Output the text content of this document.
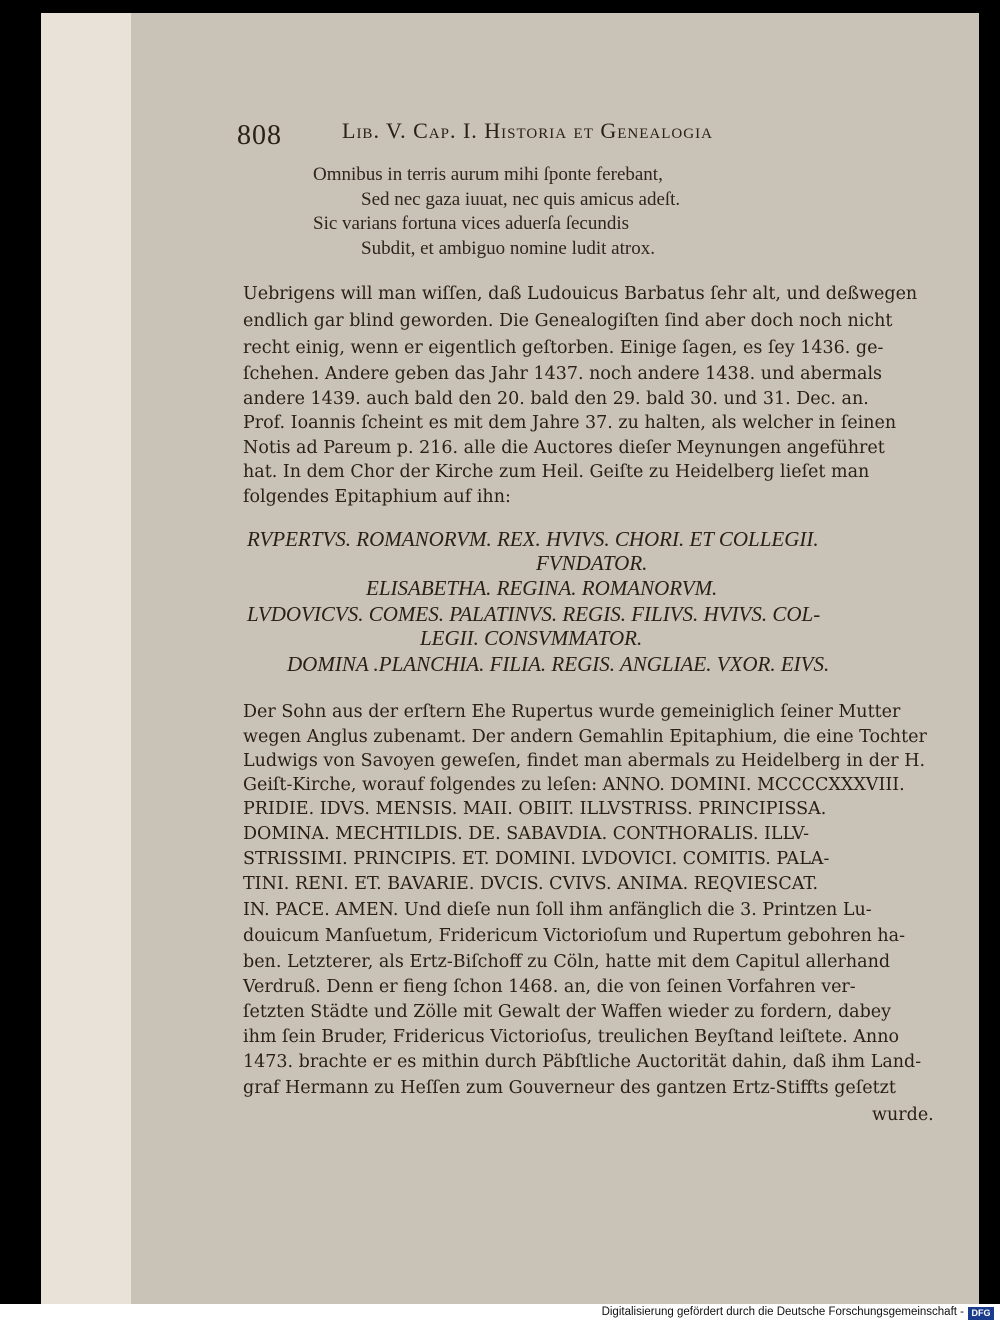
808	Lib. V. Cap. I. Historia et Genealogia
Omnibus in terris aurum mihi ſponte ferebant,
Sed nec gaza iuuat, nec quis amicus adeſt.
Sic varians fortuna vices aduerſa ſecundis
Subdit, et ambiguo nomine ludit atrox.
Uebrigens will man wiſſen, daß Ludouicus Barbatus ſehr alt, und deßwegen
endlich gar blind geworden. Die Genealogiſten ſind aber doch noch nicht
recht einig, wenn er eigentlich geſtorben. Einige ſagen, es ſey 1436. ge-
ſchehen. Andere geben das Jahr 1437. noch andere 1438. und abermals
andere 1439. auch bald den 20. bald den 29. bald 30. und 31. Dec. an.
Prof. Ioannis ſcheint es mit dem Jahre 37. zu halten, als welcher in ſeinen
Notis ad Pareum p. 216. alle die Auctores dieſer Meynungen angeführet
hat. In dem Chor der Kirche zum Heil. Geiſte zu Heidelberg lieſet man
folgendes Epitaphium auf ihn:
RVPERTVS. ROMANORVM. REX. HVIVS. CHORI. ET COLLEGII.
FVNDATOR.
ELISABETHA. REGINA. ROMANORVM.
LVDOVICVS. COMES. PALATINVS. REGIS. FILIVS. HVIVS. COL-
LEGII. CONSVMMATOR.
DOMINA .PLANCHIA. FILIA. REGIS. ANGLIAE. VXOR. EIVS.
Der Sohn aus der erſtern Ehe Rupertus wurde gemeiniglich ſeiner Mutter
wegen Anglus zubenamt. Der andern Gemahlin Epitaphium, die eine Tochter
Ludwigs von Savoyen geweſen, findet man abermals zu Heidelberg in der H.
Geiſt-Kirche, worauf folgendes zu leſen: ANNO. DOMINI. MCCCCXXXVIII.
PRIDIE. IDVS. MENSIS. MAII. OBIIT. ILLVSTRISS. PRINCIPISSA.
DOMINA. MECHTILDIS. DE. SABAVDIA. CONTHORALIS. ILLV-
STRISSIMI. PRINCIPIS. ET. DOMINI. LVDOVICI. COMITIS. PALA-
TINI. RENI. ET. BAVARIE. DVCIS. CVIVS. ANIMA. REQVIESCAT.
IN. PACE. AMEN. Und dieſe nun ſoll ihm anfänglich die 3. Printzen Lu-
douicum Manſuetum, Fridericum Victorioſum und Rupertum gebohren ha-
ben. Letzterer, als Ertz-Biſchoff zu Cöln, hatte mit dem Capitul allerhand
Verdruß. Denn er fieng ſchon 1468. an, die von ſeinen Vorfahren ver-
ſetzten Städte und Zölle mit Gewalt der Waffen wieder zu fordern, dabey
ihm ſein Bruder, Fridericus Victorioſus, treulichen Beyſtand leiſtete. Anno
1473. brachte er es mithin durch Päbſtliche Auctorität dahin, daß ihm Land-
graf Hermann zu Heſſen zum Gouverneur des gantzen Ertz-Stiffts geſetzt
wurde.
Digitalisierung gefördert durch die Deutsche Forschungsgemeinschaft - DFG
